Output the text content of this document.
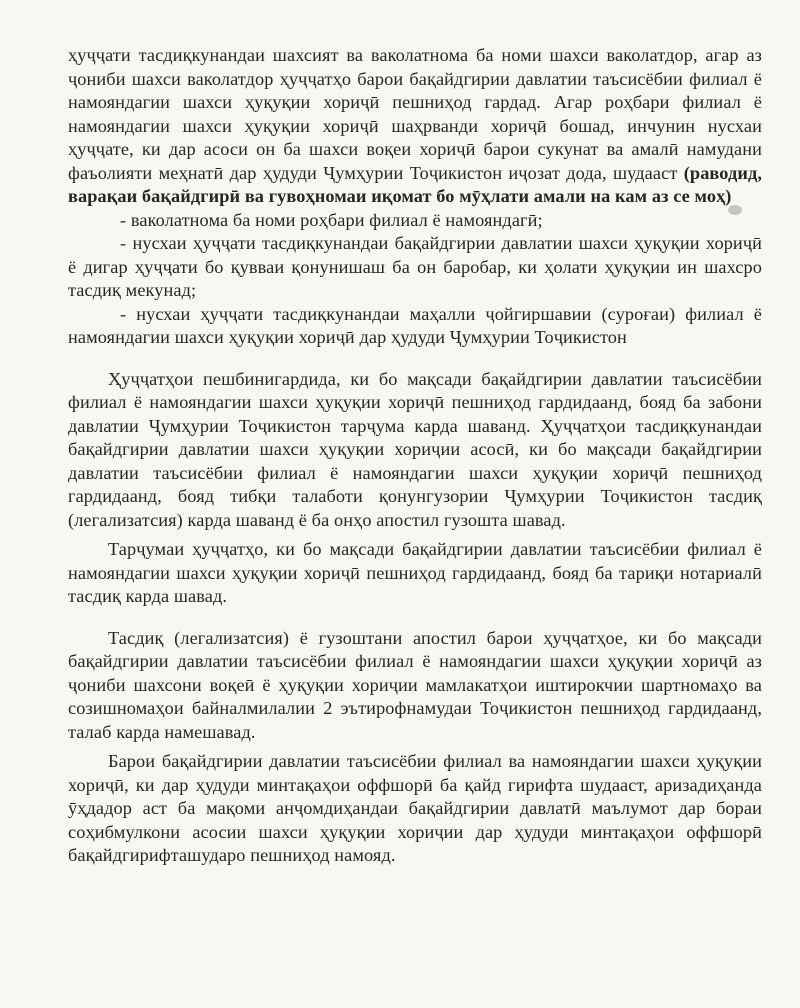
ҳуҷҷати тасдиқкунандаи шахсият ва ваколатнома ба номи шахси ваколатдор, агар аз ҷониби шахси ваколатдор ҳуҷҷатҳо барои бақайдгирии давлатии таъсисёбии филиал ё намояндагии шахси ҳуқуқии хориҷӣ пешниҳод гардад. Агар роҳбари филиал ё намояндагии шахси ҳуқуқии хориҷӣ шаҳрванди хориҷӣ бошад, инчунин нусхаи ҳуҷҷате, ки дар асоси он ба шахси воқеи хориҷӣ барои сукунат ва амалӣ намудани фаъолияти меҳнатӣ дар ҳудуди Ҷумҳурии Тоҷикистон иҷозат дода, шудааст (раводид, варақаи бақайдгирӣ ва гувоҳномаи иқомат бо мӯҳлати амали на кам аз се моҳ)

- ваколатнома ба номи роҳбари филиал ё намояндагӣ;

- нусхаи ҳуҷҷати тасдиқкунандаи бақайдгирии давлатии шахси ҳуқуқии хориҷӣ ё дигар ҳуҷҷати бо қувваи қонунишаш ба он баробар, ки ҳолати ҳуқуқии ин шахсро тасдиқ мекунад;

- нусхаи ҳуҷҷати тасдиқкунандаи маҳалли ҷойгиршавии (суроғаи) филиал ё намояндагии шахси ҳуқуқии хориҷӣ дар ҳудуди Ҷумҳурии Тоҷикистон

Ҳуҷҷатҳои пешбинигардида, ки бо мақсади бақайдгирии давлатии таъсисёбии филиал ё намояндагии шахси ҳуқуқии хориҷӣ пешниҳод гардидаанд, бояд ба забони давлатии Ҷумҳурии Тоҷикистон тарҷума карда шаванд. Ҳуҷҷатҳои тасдиқкунандаи бақайдгирии давлатии шахси ҳуқуқии хориҷии асосӣ, ки бо мақсади бақайдгирии давлатии таъсисёбии филиал ё намояндагии шахси ҳуқуқии хориҷӣ пешниҳод гардидаанд, бояд тибқи талаботи қонунгузории Ҷумҳурии Тоҷикистон тасдиқ (легализатсия) карда шаванд ё ба онҳо апостил гузошта шавад.

Тарҷумаи ҳуҷҷатҳо, ки бо мақсади бақайдгирии давлатии таъсисёбии филиал ё намояндагии шахси ҳуқуқии хориҷӣ пешниҳод гардидаанд, бояд ба тариқи нотариалӣ тасдиқ карда шавад.

Тасдиқ (легализатсия) ё гузоштани апостил барои ҳуҷҷатҳое, ки бо мақсади бақайдгирии давлатии таъсисёбии филиал ё намояндагии шахси ҳуқуқии хориҷӣ аз ҷониби шахсони воқеӣ ё ҳуқуқии хориҷии мамлакатҳои иштирокчии шартномаҳо ва созишномаҳои байналмилалии 2 эътирофнамудаи Тоҷикистон пешниҳод гардидаанд, талаб карда намешавад.

Барои бақайдгирии давлатии таъсисёбии филиал ва намояндагии шахси ҳуқуқии хориҷӣ, ки дар ҳудуди минтақаҳои оффшорӣ ба қайд гирифта шудааст, аризадиҳанда ӯҳдадор аст ба мақоми анҷомдиҳандаи бақайдгирии давлатӣ маълумот дар бораи соҳибмулкони асосии шахси ҳуқуқии хориҷии дар ҳудуди минтақаҳои оффшорӣ бақайдгирифташударо пешниҳод намояд.
